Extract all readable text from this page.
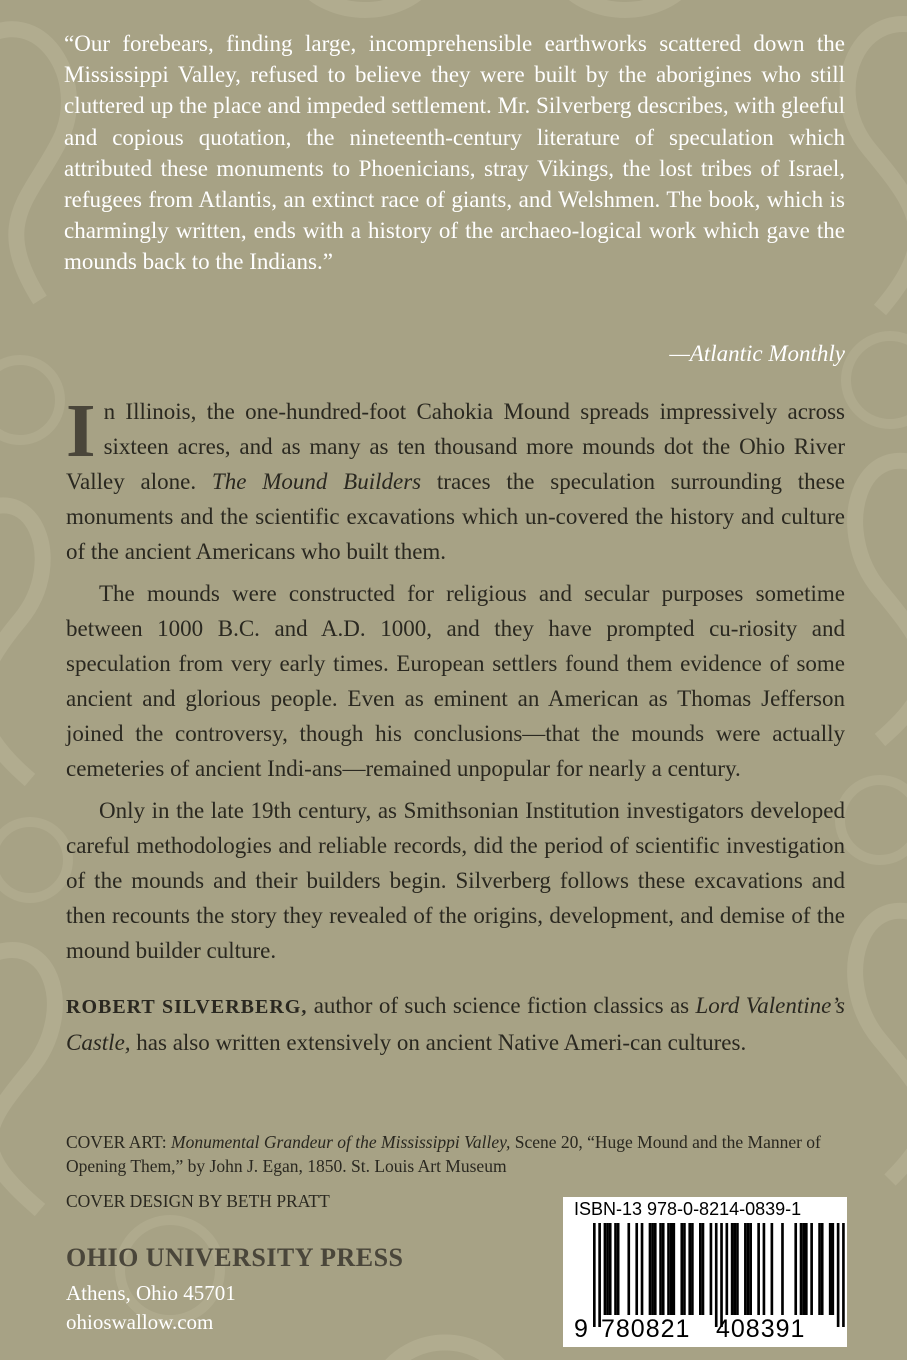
“Our forebears, finding large, incomprehensible earthworks scattered down the Mississippi Valley, refused to believe they were built by the aborigines who still cluttered up the place and impeded settlement. Mr. Silverberg describes, with gleeful and copious quotation, the nineteenth-century literature of speculation which attributed these monuments to Phoenicians, stray Vikings, the lost tribes of Israel, refugees from Atlantis, an extinct race of giants, and Welshmen. The book, which is charmingly written, ends with a history of the archaeo-logical work which gave the mounds back to the Indians.”
—Atlantic Monthly

In Illinois, the one-hundred-foot Cahokia Mound spreads impressively across sixteen acres, and as many as ten thousand more mounds dot the Ohio River Valley alone. The Mound Builders traces the speculation surrounding these monuments and the scientific excavations which un-covered the history and culture of the ancient Americans who built them.

The mounds were constructed for religious and secular purposes sometime between 1000 B.C. and A.D. 1000, and they have prompted cu-riosity and speculation from very early times. European settlers found them evidence of some ancient and glorious people. Even as eminent an American as Thomas Jefferson joined the controversy, though his conclusions—that the mounds were actually cemeteries of ancient Indi-ans—remained unpopular for nearly a century.

Only in the late 19th century, as Smithsonian Institution investigators developed careful methodologies and reliable records, did the period of scientific investigation of the mounds and their builders begin. Silverberg follows these excavations and then recounts the story they revealed of the origins, development, and demise of the mound builder culture.

ROBERT SILVERBERG, author of such science fiction classics as Lord Valentine’s Castle, has also written extensively on ancient Native Ameri-can cultures.

COVER ART: Monumental Grandeur of the Mississippi Valley, Scene 20, “Huge Mound and the Manner of Opening Them,” by John J. Egan, 1850. St. Louis Art Museum

COVER DESIGN BY BETH PRATT

OHIO UNIVERSITY PRESS
Athens, Ohio 45701
ohioswallow.com
ISBN-13 978-0-8214-0839-1
9 780821 408391
